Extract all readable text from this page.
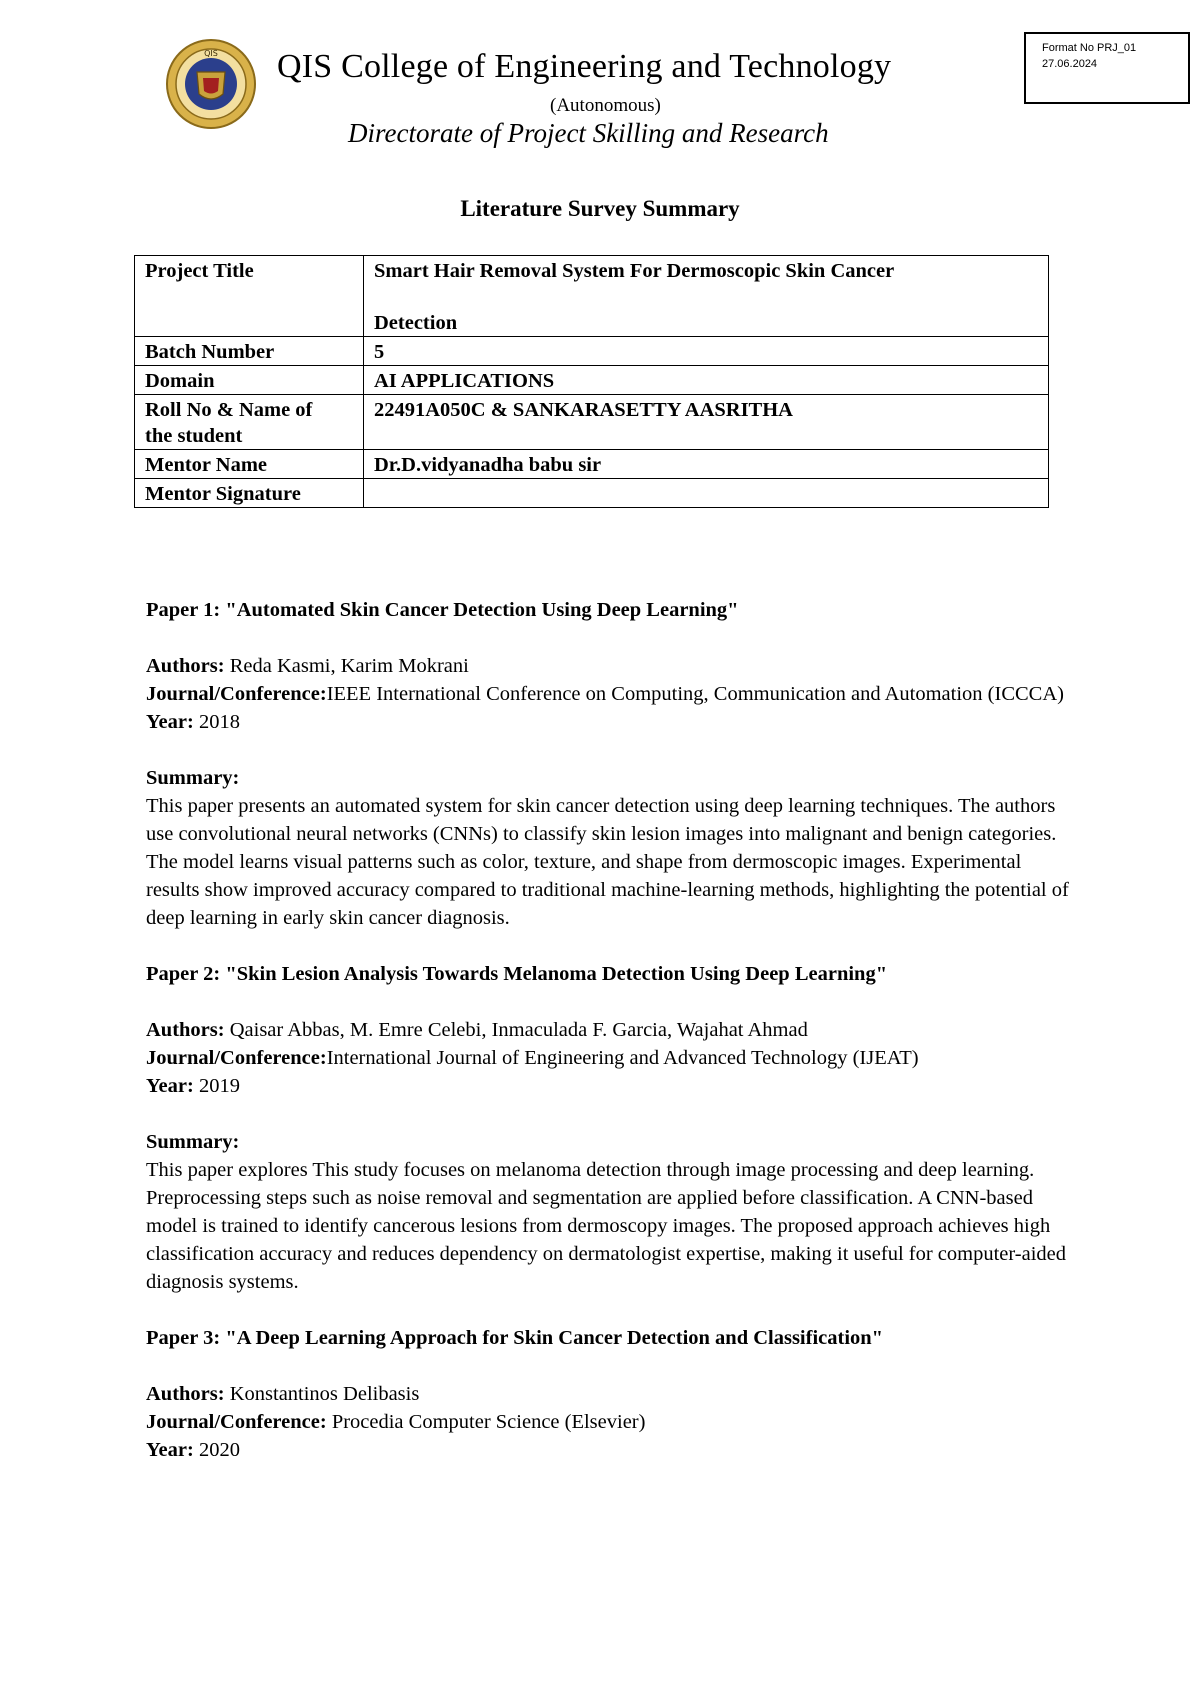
QIS QIS College of Engineering and Technology
(Autonomous)
Directorate of Project Skilling and Research
Format No PRJ_01
27.06.2024
Literature Survey Summary
Project Title	Smart Hair Removal System For Dermoscopic Skin Cancer
Detection

Batch Number	5
Domain	AI APPLICATIONS

Roll No & Name of
the student	22491A050C & SANKARASETTY AASRITHA
Mentor Name	Dr.D.vidyanadha babu sir
Mentor Signature	
Paper 1: "Automated Skin Cancer Detection Using Deep Learning"
Authors: Reda Kasmi, Karim Mokrani
Journal/Conference:IEEE International Conference on Computing, Communication and Automation (ICCCA)
Year: 2018
Summary:
This paper presents an automated system for skin cancer detection using deep learning techniques. The authors use convolutional neural networks (CNNs) to classify skin lesion images into malignant and benign categories. The model learns visual patterns such as color, texture, and shape from dermoscopic images. Experimental results show improved accuracy compared to traditional machine-learning methods, highlighting the potential of deep learning in early skin cancer diagnosis.
Paper 2: "Skin Lesion Analysis Towards Melanoma Detection Using Deep Learning"
Authors: Qaisar Abbas, M. Emre Celebi, Inmaculada F. Garcia, Wajahat Ahmad
Journal/Conference:International Journal of Engineering and Advanced Technology (IJEAT)
Year: 2019
Summary:
This paper explores This study focuses on melanoma detection through image processing and deep learning. Preprocessing steps such as noise removal and segmentation are applied before classification. A CNN-based model is trained to identify cancerous lesions from dermoscopy images. The proposed approach achieves high classification accuracy and reduces dependency on dermatologist expertise, making it useful for computer-aided diagnosis systems.
Paper 3: "A Deep Learning Approach for Skin Cancer Detection and Classification"
Authors: Konstantinos Delibasis
Journal/Conference: Procedia Computer Science (Elsevier)
Year: 2020
